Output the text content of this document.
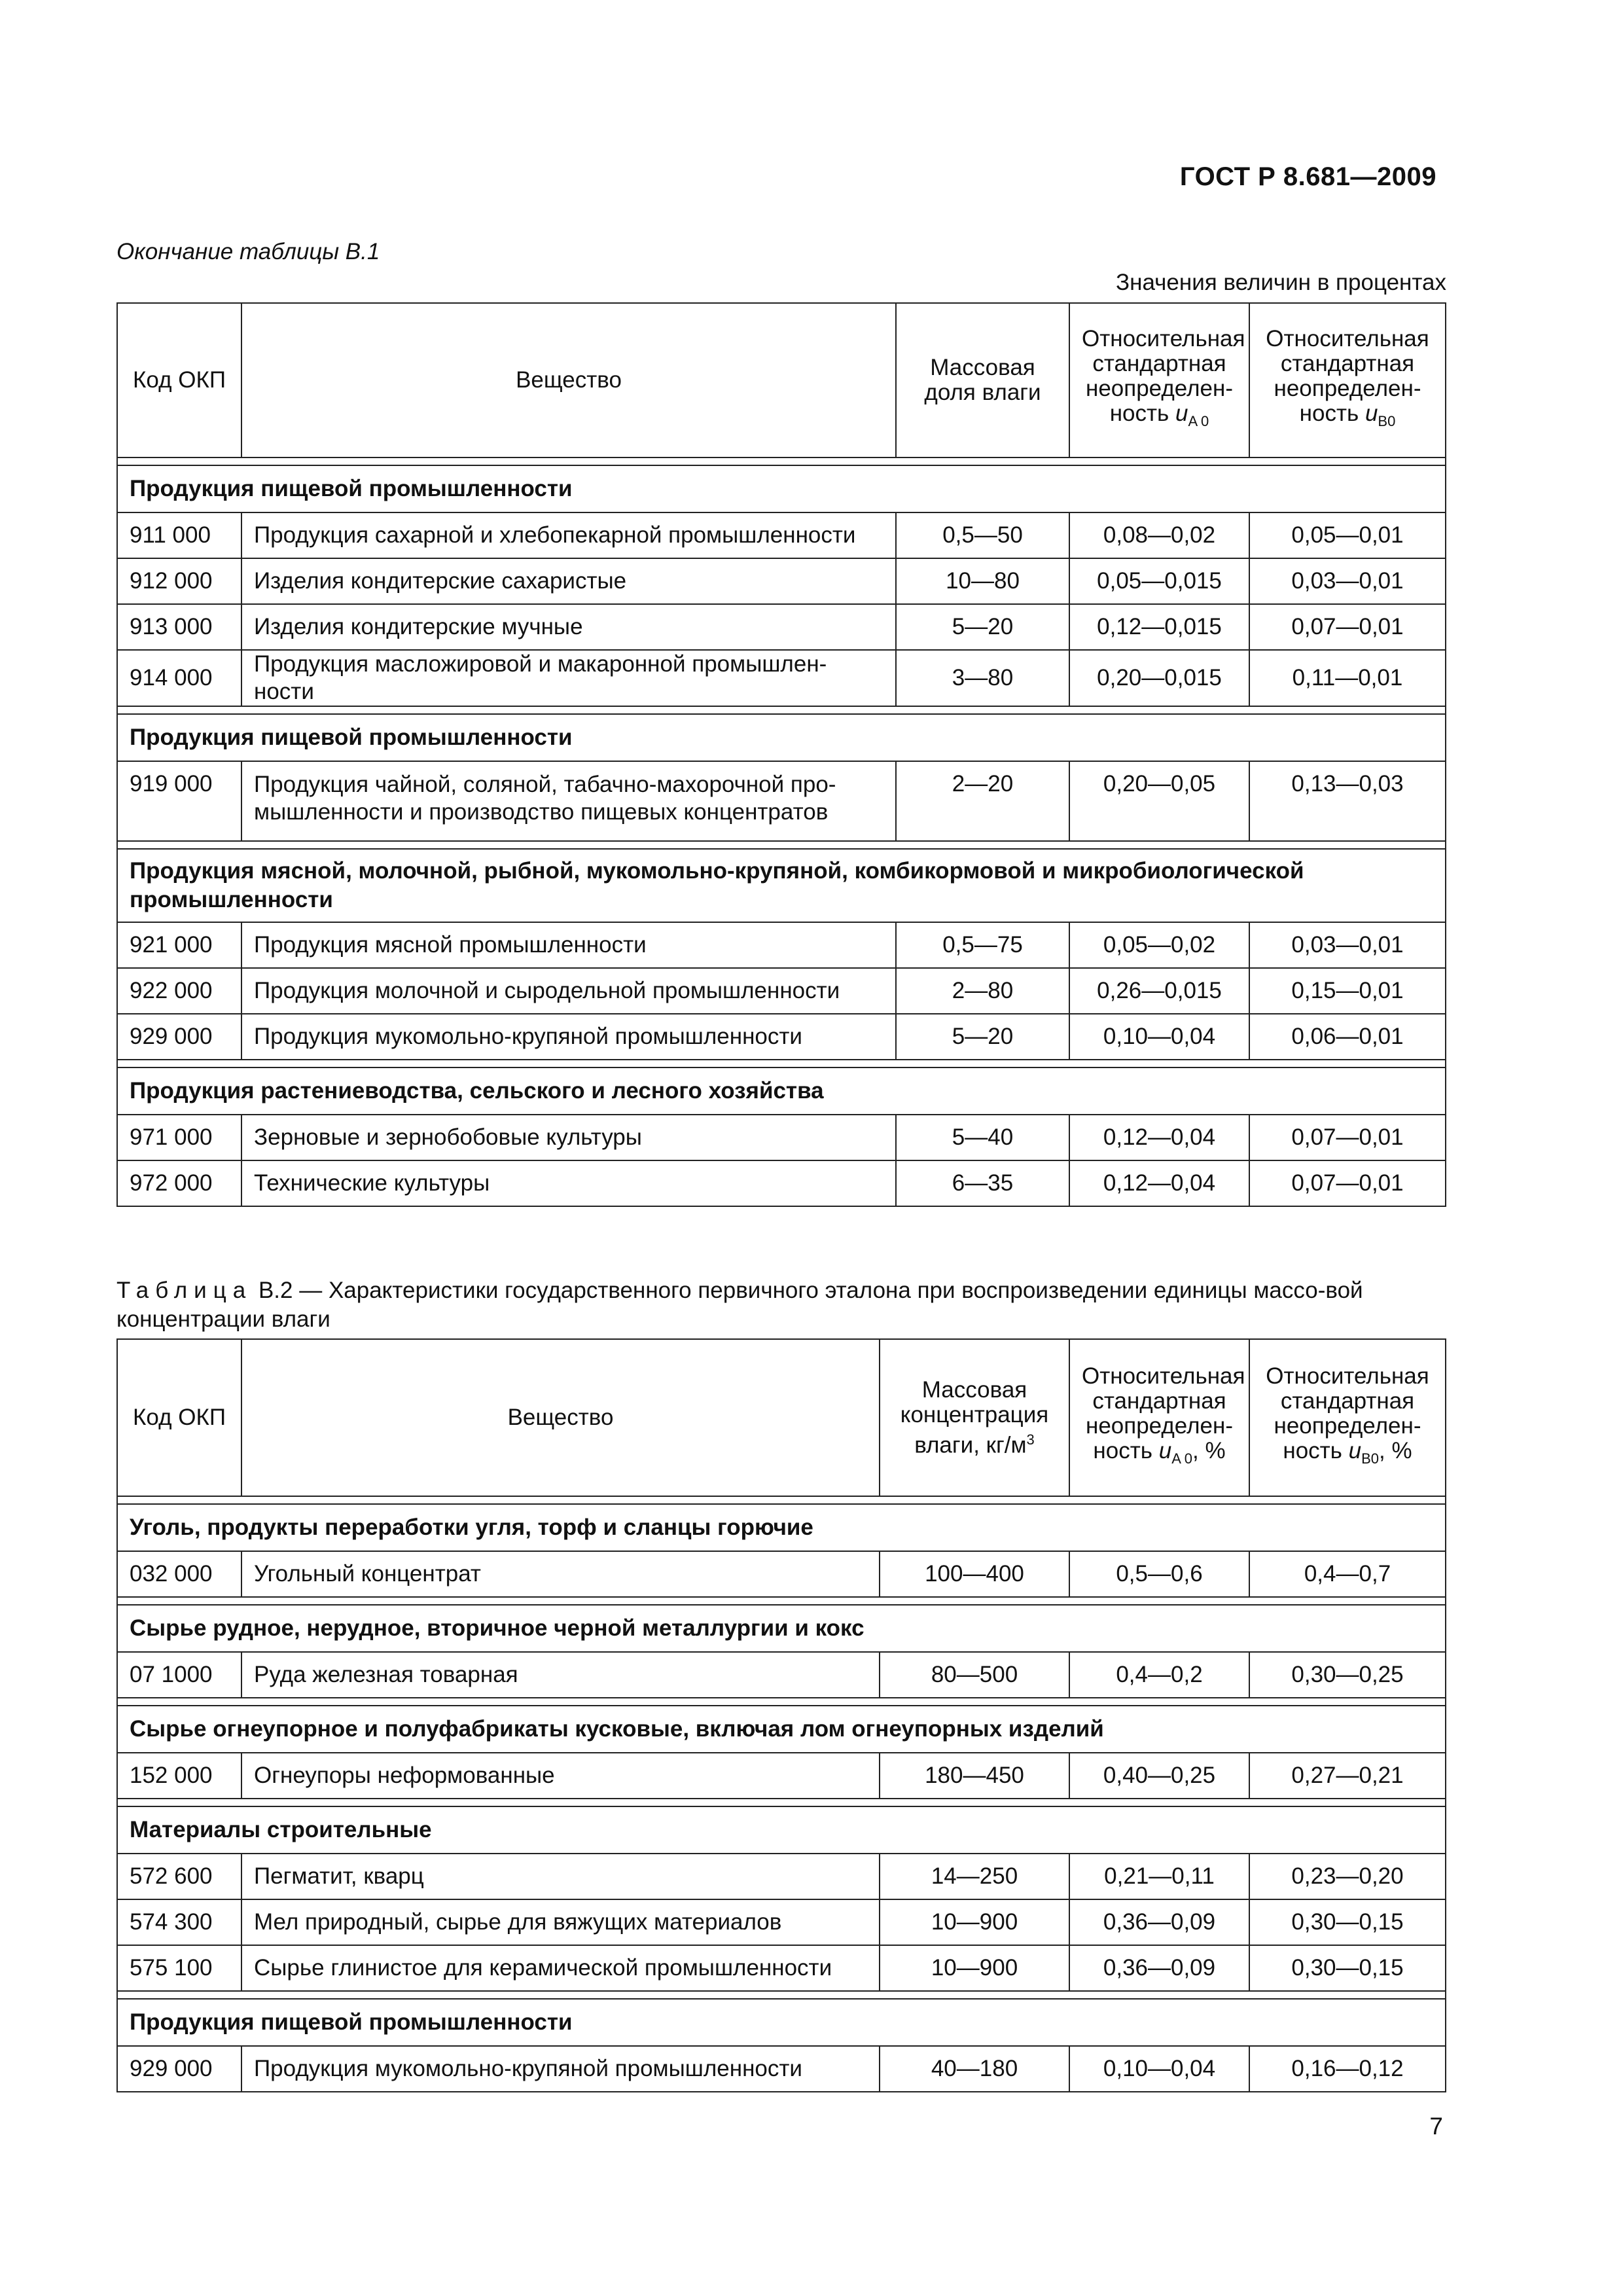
ГОСТ Р 8.681—2009
Окончание таблицы В.1
Значения величин в процентах
Код ОКП	Вещество	Массовая доля влаги	Относительная стандартная неопределен-ность $u_{A 0}$	Относительная стандартная неопределен-ность $u_{B0}$

Продукция пищевой промышленности				
911 000	Продукция сахарной и хлебопекарной промышленности	0,5—50	0,08—0,02	0,05—0,01
912 000	Изделия кондитерские сахаристые	10—80	0,05—0,015	0,03—0,01
913 000	Изделия кондитерские мучные	5—20	0,12—0,015	0,07—0,01
914 000	Продукция масложировой и макаронной промышлен-ности	3—80	0,20—0,015	0,11—0,01

Продукция пищевой промышленности				
919 000	Продукция чайной, соляной, табачно-махорочной про-мышленности и производство пищевых концентратов	2—20	0,20—0,05	0,13—0,03

Продукция мясной, молочной, рыбной, мукомольно-крупяной, комбикормовой и микробиологической промышленности				
921 000	Продукция мясной промышленности	0,5—75	0,05—0,02	0,03—0,01
922 000	Продукция молочной и сыродельной промышленности	2—80	0,26—0,015	0,15—0,01
929 000	Продукция мукомольно-крупяной промышленности	5—20	0,10—0,04	0,06—0,01

Продукция растениеводства, сельского и лесного хозяйства				
971 000	Зерновые и зернобобовые культуры	5—40	0,12—0,04	0,07—0,01
972 000	Технические культуры	6—35	0,12—0,04	0,07—0,01
Таблица В.2 — Характеристики государственного первичного эталона при воспроизведении единицы массо-вой концентрации влаги
Код ОКП	Вещество	Массовая концентрация влаги, $кг/м^3$	Относительная стандартная неопределен-ность $u_{A 0}$, %	Относительная стандартная неопределен-ность $u_{B0}$, %

Уголь, продукты переработки угля, торф и сланцы горючие				
032 000	Угольный концентрат	100—400	0,5—0,6	0,4—0,7

Сырье рудное, нерудное, вторичное черной металлургии и кокс				
07 1000	Руда железная товарная	80—500	0,4—0,2	0,30—0,25

Сырье огнеупорное и полуфабрикаты кусковые, включая лом огнеупорных изделий				
152 000	Огнеупоры неформованные	180—450	0,40—0,25	0,27—0,21

Материалы строительные				
572 600	Пегматит, кварц	14—250	0,21—0,11	0,23—0,20
574 300	Мел природный, сырье для вяжущих материалов	10—900	0,36—0,09	0,30—0,15
575 100	Сырье глинистое для керамической промышленности	10—900	0,36—0,09	0,30—0,15

Продукция пищевой промышленности				
929 000	Продукция мукомольно-крупяной промышленности	40—180	0,10—0,04	0,16—0,12
7
